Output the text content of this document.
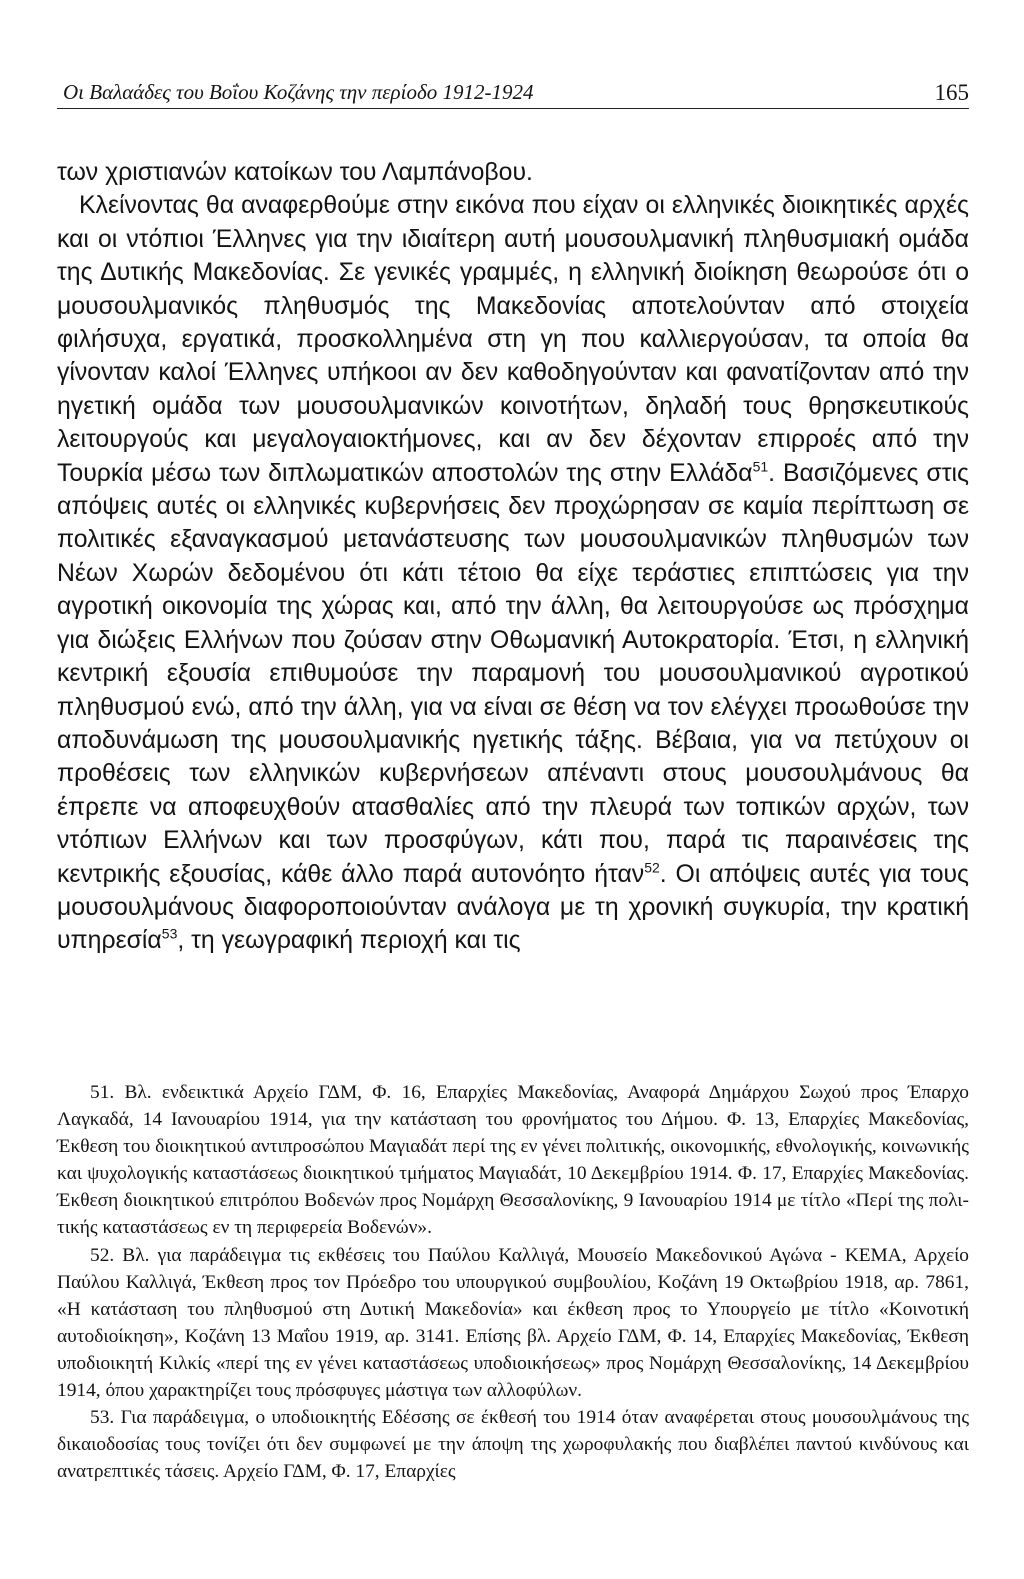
Οι Βαλαάδες του Βοΐου Κοζάνης την περίοδο 1912-1924	165

των χριστιανών κατοίκων του Λαμπάνοβου.

Κλείνοντας θα αναφερθούμε στην εικόνα που είχαν οι ελληνικές διοικητικές αρχές και οι ντόπιοι Έλληνες για την ιδιαίτερη αυτή μουσουλμανική πληθυσμιακή ομάδα της Δυτικής Μακεδονίας. Σε γενικές γραμμές, η ελληνική διοίκηση θεωρούσε ότι ο μουσουλμανικός πληθυσμός της Μακεδονίας αποτελούνταν από στοιχεία φιλήσυχα, εργατικά, προσκολλημένα στη γη που καλλιεργούσαν, τα οποία θα γίνονταν καλοί Έλληνες υπήκοοι αν δεν καθοδηγούνταν και φανατίζονταν από την ηγετική ομάδα των μουσουλμανικών κοινοτήτων, δηλαδή τους θρησκευτικούς λειτουργούς και μεγαλογαιοκτήμονες, και αν δεν δέχονταν επιρροές από την Τουρκία μέσω των διπλωματικών αποστολών της στην Ελλάδα$^{51}$. Βασιζόμενες στις απόψεις αυτές οι ελληνικές κυβερνήσεις δεν προχώρησαν σε καμία περίπτωση σε πολιτικές εξαναγκασμού μετανάστευσης των μουσουλμανικών πληθυσμών των Νέων Χωρών δεδομένου ότι κάτι τέτοιο θα είχε τεράστιες επιπτώσεις για την αγροτική οικονομία της χώρας και, από την άλλη, θα λειτουργούσε ως πρόσχημα για διώξεις Ελλήνων που ζούσαν στην Οθωμανική Αυτοκρατορία. Έτσι, η ελληνική κεντρική εξουσία επιθυμούσε την παραμονή του μουσουλμανικού αγροτικού πληθυσμού ενώ, από την άλλη, για να είναι σε θέση να τον ελέγχει προωθούσε την αποδυνάμωση της μουσουλμανικής ηγετικής τάξης. Βέβαια, για να πετύχουν οι προθέσεις των ελληνικών κυβερνήσεων απέναντι στους μουσουλμάνους θα έπρεπε να αποφευχθούν ατασθαλίες από την πλευρά των τοπικών αρχών, των ντόπιων Ελλήνων και των προσφύγων, κάτι που, παρά τις παραινέσεις της κεντρικής εξουσίας, κάθε άλλο παρά αυτονόητο ήταν$^{52}$. Οι απόψεις αυτές για τους μουσουλμάνους διαφοροποιούνταν ανάλογα με τη χρονική συγκυρία, την κρατική υπηρεσία$^{53}$, τη γεωγραφική περιοχή και τις

51. Βλ. ενδεικτικά Αρχείο ΓΔΜ, Φ. 16, Επαρχίες Μακεδονίας, Αναφορά Δημάρχου Σωχού προς Έπαρχο Λαγκαδά, 14 Ιανουαρίου 1914, για την κατάσταση του φρονήματος του Δήμου. Φ. 13, Επαρχίες Μακεδονίας, Έκθεση του διοικητικού αντιπροσώπου Μαγιαδάτ περί της εν γένει πολιτικής, οικονομικής, εθνολογικής, κοινωνικής και ψυχολογικής καταστάσεως διοικητικού τμήματος Μαγιαδάτ, 10 Δεκεμβρίου 1914. Φ. 17, Επαρχίες Μακεδονίας. Έκθεση διοικητικού επιτρόπου Βοδενών προς Νομάρχη Θεσσαλονίκης, 9 Ιανουαρίου 1914 με τίτλο «Περί της πολιτικής καταστάσεως εν τη περιφερεία Βοδενών».

52. Βλ. για παράδειγμα τις εκθέσεις του Παύλου Καλλιγά, Μουσείο Μακεδονικού Αγώνα - ΚΕΜΑ, Αρχείο Παύλου Καλλιγά, Έκθεση προς τον Πρόεδρο του υπουργικού συμβουλίου, Κοζάνη 19 Οκτωβρίου 1918, αρ. 7861, «Η κατάσταση του πληθυσμού στη Δυτική Μακεδονία» και έκθεση προς το Υπουργείο με τίτλο «Κοινοτική αυτοδιοίκηση», Κοζάνη 13 Μαΐου 1919, αρ. 3141. Επίσης βλ. Αρχείο ΓΔΜ, Φ. 14, Επαρχίες Μακεδονίας, Έκθεση υποδιοικητή Κιλκίς «περί της εν γένει καταστάσεως υποδιοικήσεως» προς Νομάρχη Θεσσαλονίκης, 14 Δεκεμβρίου 1914, όπου χαρακτηρίζει τους πρόσφυγες μάστιγα των αλλοφύλων.

53. Για παράδειγμα, ο υποδιοικητής Εδέσσης σε έκθεσή του 1914 όταν αναφέρεται στους μουσουλμάνους της δικαιοδοσίας τους τονίζει ότι δεν συμφωνεί με την άποψη της χωροφυλακής που διαβλέπει παντού κινδύνους και ανατρεπτικές τάσεις. Αρχείο ΓΔΜ, Φ. 17, Επαρχίες
